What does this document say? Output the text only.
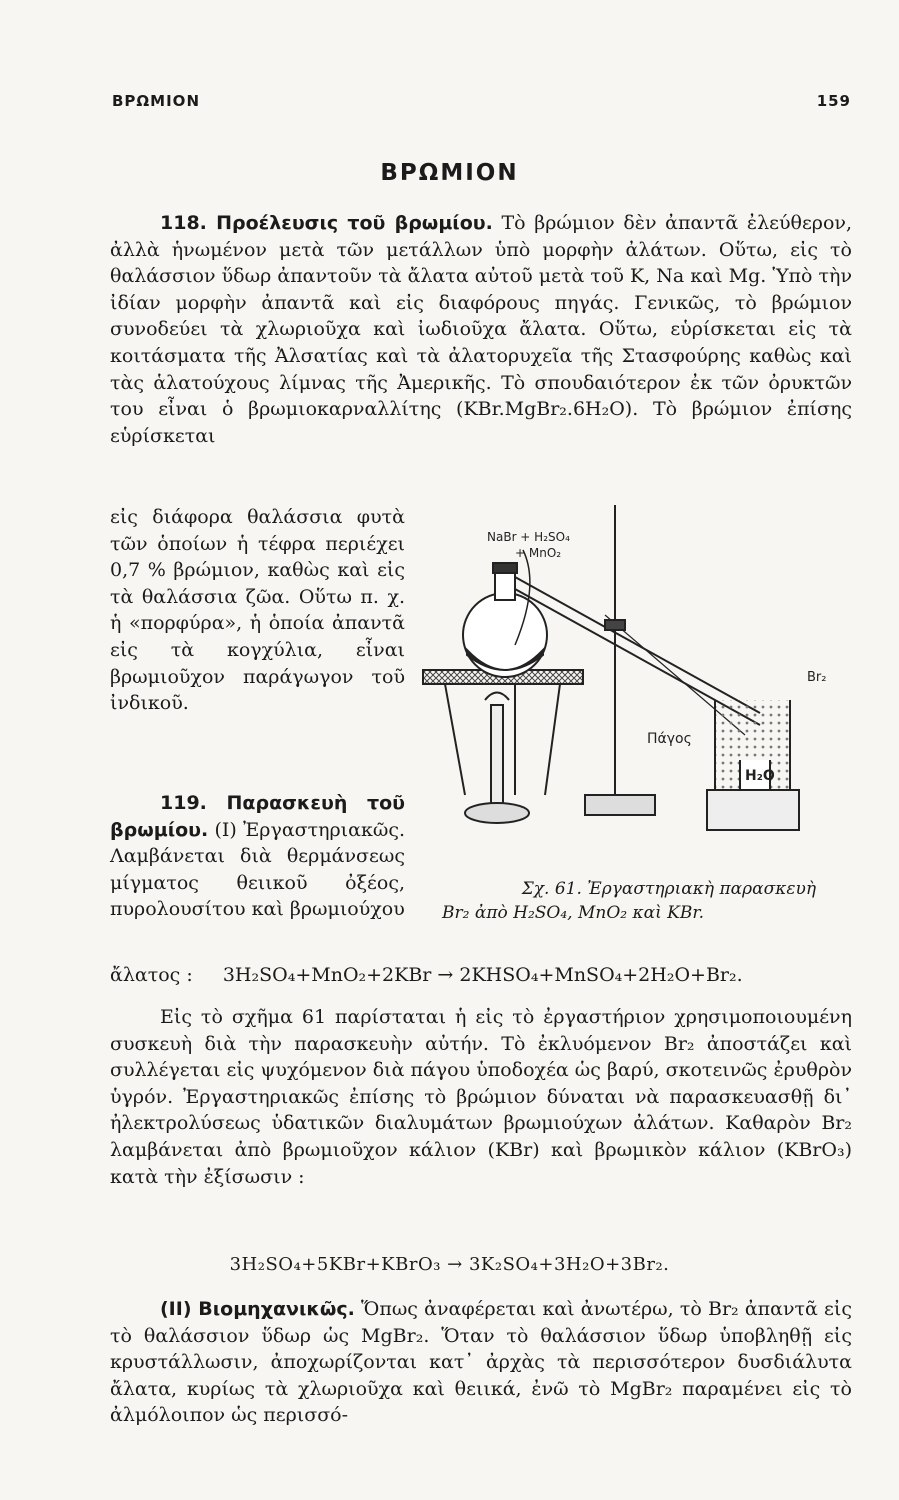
ΒΡΩΜΙΟΝ	159
ΒΡΩΜΙΟΝ

118. Προέλευσις τοῦ βρωμίου. Τὸ βρώμιον δὲν ἀπαντᾶ ἐλεύθερον, ἀλλὰ ἡνωμένον μετὰ τῶν μετάλλων ὑπὸ μορφὴν ἀλάτων. Οὕτω, εἰς τὸ θαλάσσιον ὕδωρ ἀπαντοῦν τὰ ἄλατα αὐτοῦ μετὰ τοῦ Κ, Na καὶ Mg. Ὑπὸ τὴν ἰδίαν μορφὴν ἀπαντᾶ καὶ εἰς διαφόρους πηγάς. Γενικῶς, τὸ βρώμιον συνοδεύει τὰ χλωριοῦχα καὶ ἰωδιοῦχα ἄλατα. Οὕτω, εὑρίσκεται εἰς τὰ κοιτάσματα τῆς Ἀλσατίας καὶ τὰ ἀλατορυχεῖα τῆς Στασφούρης καθὼς καὶ τὰς ἁλατούχους λίμνας τῆς Ἀμερικῆς. Τὸ σπουδαιότερον ἐκ τῶν ὀρυκτῶν του εἶναι ὁ βρωμιοκαρναλλίτης (KBr.MgBr₂.6H₂O). Τὸ βρώμιον ἐπίσης εὑρίσκεται

εἰς διάφορα θαλάσσια φυτὰ τῶν ὁποίων ἡ τέφρα περιέχει 0,7 % βρώμιον, καθὼς καὶ εἰς τὰ θαλάσσια ζῶα. Οὕτω π. χ. ἡ «πορφύρα», ἡ ὁποία ἀπαντᾶ εἰς τὰ κογχύλια, εἶναι βρωμιοῦχον παράγωγον τοῦ ἰνδικοῦ.

119. Παρασκευὴ τοῦ βρωμίου. (I) Ἐργαστηριακῶς. Λαμβάνεται διὰ θερμάνσεως μίγματος θειικοῦ ὀξέος, πυρολουσίτου καὶ βρωμιούχου

ἄλατος : 3H₂SO₄+MnO₂+2KBr → 2KHSO₄+MnSO₄+2H₂O+Br₂.

Εἰς τὸ σχῆμα 61 παρίσταται ἡ εἰς τὸ ἐργαστήριον χρησιμοποιουμένη συσκευὴ διὰ τὴν παρασκευὴν αὐτήν. Τὸ ἐκλυόμενον Br₂ ἀποστάζει καὶ συλλέγεται εἰς ψυχόμενον διὰ πάγου ὑποδοχέα ὡς βαρύ, σκοτεινῶς ἐρυθρὸν ὑγρόν. Ἐργαστηριακῶς ἐπίσης τὸ βρώμιον δύναται νὰ παρασκευασθῇ δι᾽ ἠλεκτρολύσεως ὑδατικῶν διαλυμάτων βρωμιούχων ἀλάτων. Καθαρὸν Br₂ λαμβάνεται ἀπὸ βρωμιοῦχον κάλιον (KBr) καὶ βρωμικὸν κάλιον (KBrO₃) κατὰ τὴν ἐξίσωσιν :

3H₂SO₄+5KBr+KBrO₃ → 3K₂SO₄+3H₂O+3Br₂.

(II) Βιομηχανικῶς. Ὅπως ἀναφέρεται καὶ ἀνωτέρω, τὸ Br₂ ἀπαντᾶ εἰς τὸ θαλάσσιον ὕδωρ ὡς MgBr₂. Ὅταν τὸ θαλάσσιον ὕδωρ ὑποβληθῇ εἰς κρυστάλλωσιν, ἀποχωρίζονται κατ᾽ ἀρχὰς τὰ περισσότερον δυσδιάλυτα ἄλατα, κυρίως τὰ χλωριοῦχα καὶ θειικά, ἐνῶ τὸ MgBr₂ παραμένει εἰς τὸ ἀλμόλοιπον ὡς περισσό-

NaBr + H₂SO₄
+ MnO₂
Br₂
Πάγος
H₂O
Σχ. 61. Ἐργαστηριακὴ παρασκευὴ
Br₂ ἀπὸ H₂SO₄, MnO₂ καὶ KBr.
